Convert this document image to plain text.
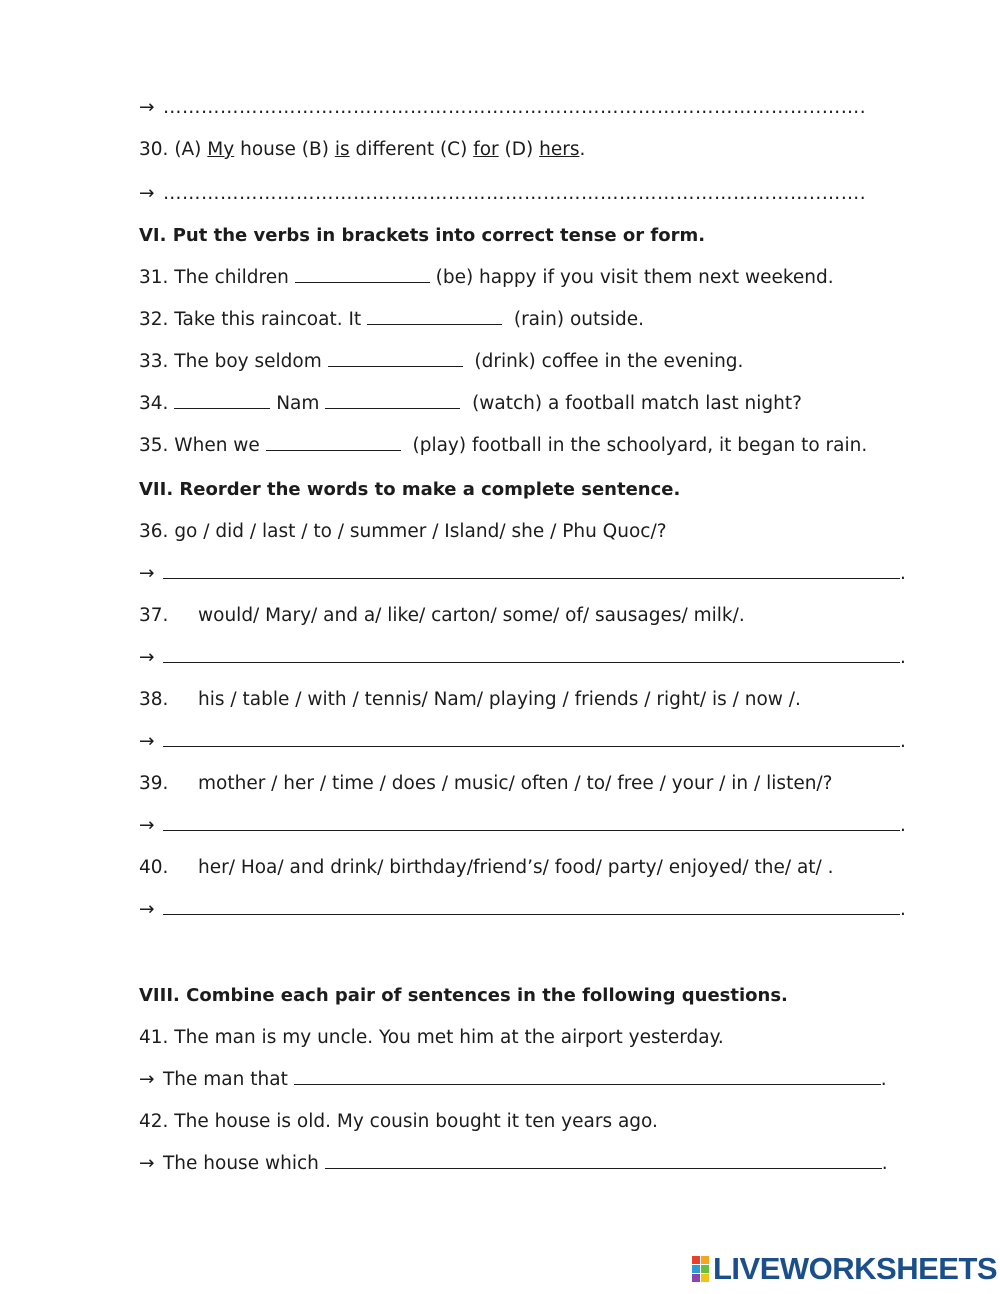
→ …………………………………………………………………………………………..…….
30. (A) My house (B) is different (C) for (D) hers.
→ …………………………………………………………………………………………..…….
VI. Put the verbs in brackets into correct tense or form.
31. The children	(be) happy if you visit them next weekend.
32. Take this raincoat. It	(rain) outside.
33. The boy seldom	(drink) coffee in the evening.
34.	Nam	(watch) a football match last night?
35. When we	(play) football in the schoolyard, it began to rain.
VII. Reorder the words to make a complete sentence.
36. go / did / last / to / summer / Island/ she / Phu Quoc/?
→	.
37. would/ Mary/ and a/ like/ carton/ some/ of/ sausages/ milk/.
→	.
38. his / table / with / tennis/ Nam/ playing / friends / right/ is / now /.
→	.
39. mother / her / time / does / music/ often / to/ free / your / in / listen/?
→	.
40. her/ Hoa/ and drink/ birthday/friend’s/ food/ party/ enjoyed/ the/ at/ .
→	.
VIII. Combine each pair of sentences in the following questions.
41. The man is my uncle. You met him at the airport yesterday.
→ The man that	.
42. The house is old. My cousin bought it ten years ago.
→ The house which	.
LIVEWORKSHEETS
